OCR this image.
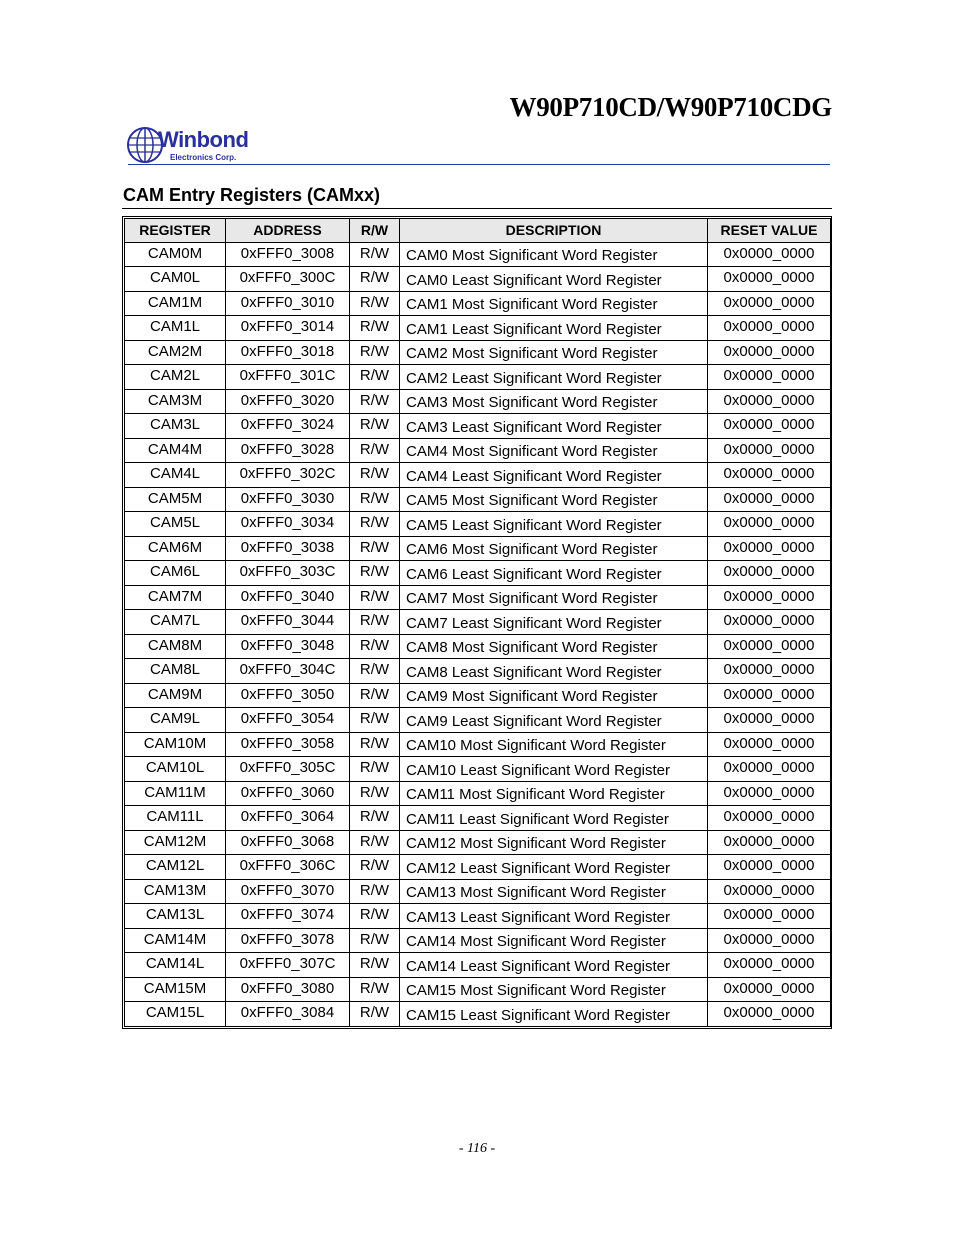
W90P710CD/W90P710CDG
Winbond
Electronics Corp.
CAM Entry Registers (CAMxx)
REGISTER	ADDRESS	R/W	DESCRIPTION	RESET VALUE
CAM0M	0xFFF0_3008	R/W	CAM0 Most Significant Word Register	0x0000_0000
CAM0L	0xFFF0_300C	R/W	CAM0 Least Significant Word Register	0x0000_0000
CAM1M	0xFFF0_3010	R/W	CAM1 Most Significant Word Register	0x0000_0000
CAM1L	0xFFF0_3014	R/W	CAM1 Least Significant Word Register	0x0000_0000
CAM2M	0xFFF0_3018	R/W	CAM2 Most Significant Word Register	0x0000_0000
CAM2L	0xFFF0_301C	R/W	CAM2 Least Significant Word Register	0x0000_0000
CAM3M	0xFFF0_3020	R/W	CAM3 Most Significant Word Register	0x0000_0000
CAM3L	0xFFF0_3024	R/W	CAM3 Least Significant Word Register	0x0000_0000
CAM4M	0xFFF0_3028	R/W	CAM4 Most Significant Word Register	0x0000_0000
CAM4L	0xFFF0_302C	R/W	CAM4 Least Significant Word Register	0x0000_0000
CAM5M	0xFFF0_3030	R/W	CAM5 Most Significant Word Register	0x0000_0000
CAM5L	0xFFF0_3034	R/W	CAM5 Least Significant Word Register	0x0000_0000
CAM6M	0xFFF0_3038	R/W	CAM6 Most Significant Word Register	0x0000_0000
CAM6L	0xFFF0_303C	R/W	CAM6 Least Significant Word Register	0x0000_0000
CAM7M	0xFFF0_3040	R/W	CAM7 Most Significant Word Register	0x0000_0000
CAM7L	0xFFF0_3044	R/W	CAM7 Least Significant Word Register	0x0000_0000
CAM8M	0xFFF0_3048	R/W	CAM8 Most Significant Word Register	0x0000_0000
CAM8L	0xFFF0_304C	R/W	CAM8 Least Significant Word Register	0x0000_0000
CAM9M	0xFFF0_3050	R/W	CAM9 Most Significant Word Register	0x0000_0000
CAM9L	0xFFF0_3054	R/W	CAM9 Least Significant Word Register	0x0000_0000
CAM10M	0xFFF0_3058	R/W	CAM10 Most Significant Word Register	0x0000_0000
CAM10L	0xFFF0_305C	R/W	CAM10 Least Significant Word Register	0x0000_0000
CAM11M	0xFFF0_3060	R/W	CAM11 Most Significant Word Register	0x0000_0000
CAM11L	0xFFF0_3064	R/W	CAM11 Least Significant Word Register	0x0000_0000
CAM12M	0xFFF0_3068	R/W	CAM12 Most Significant Word Register	0x0000_0000
CAM12L	0xFFF0_306C	R/W	CAM12 Least Significant Word Register	0x0000_0000
CAM13M	0xFFF0_3070	R/W	CAM13 Most Significant Word Register	0x0000_0000
CAM13L	0xFFF0_3074	R/W	CAM13 Least Significant Word Register	0x0000_0000
CAM14M	0xFFF0_3078	R/W	CAM14 Most Significant Word Register	0x0000_0000
CAM14L	0xFFF0_307C	R/W	CAM14 Least Significant Word Register	0x0000_0000
CAM15M	0xFFF0_3080	R/W	CAM15 Most Significant Word Register	0x0000_0000
CAM15L	0xFFF0_3084	R/W	CAM15 Least Significant Word Register	0x0000_0000
- 116 -
